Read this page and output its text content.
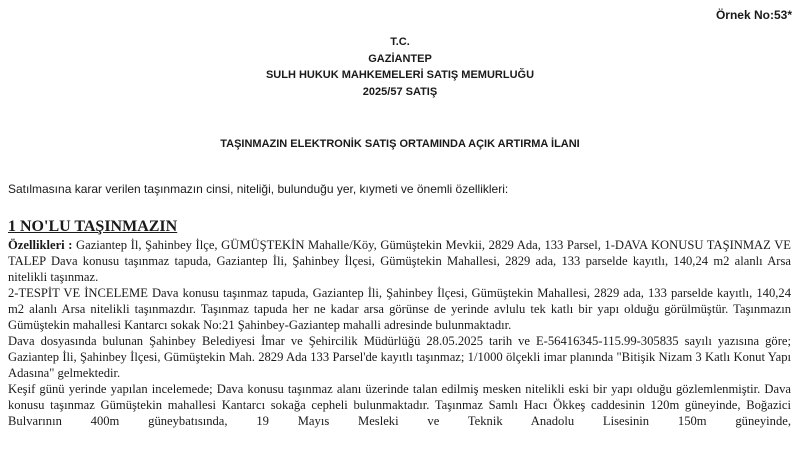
Örnek No:53*
T.C.
GAZİANTEP
SULH HUKUK MAHKEMELERİ SATIŞ MEMURLUĞU
2025/57 SATIŞ
TAŞINMAZIN ELEKTRONİK SATIŞ ORTAMINDA AÇIK ARTIRMA İLANI
Satılmasına karar verilen taşınmazın cinsi, niteliği, bulunduğu yer, kıymeti ve önemli özellikleri:
1 NO'LU TAŞINMAZIN

Özellikleri : Gaziantep İl, Şahinbey İlçe, GÜMÜŞTEKİN Mahalle/Köy, Gümüştekin Mevkii, 2829 Ada, 133 Parsel, 1-DAVA KONUSU TAŞINMAZ VE TALEP Dava konusu taşınmaz tapuda, Gaziantep İli, Şahinbey İlçesi, Gümüştekin Mahallesi, 2829 ada, 133 parselde kayıtlı, 140,24 m2 alanlı Arsa nitelikli taşınmaz.

2-TESPİT VE İNCELEME Dava konusu taşınmaz tapuda, Gaziantep İli, Şahinbey İlçesi, Gümüştekin Mahallesi, 2829 ada, 133 parselde kayıtlı, 140,24 m2 alanlı Arsa nitelikli taşınmazdır. Taşınmaz tapuda her ne kadar arsa görünse de yerinde avlulu tek katlı bir yapı olduğu görülmüştür. Taşınmazın Gümüştekin mahallesi Kantarcı sokak No:21 Şahinbey-Gaziantep mahalli adresinde bulunmaktadır.

Dava dosyasında bulunan Şahinbey Belediyesi İmar ve Şehircilik Müdürlüğü 28.05.2025 tarih ve E-56416345-115.99-305835 sayılı yazısına göre; Gaziantep İli, Şahinbey İlçesi, Gümüştekin Mah. 2829 Ada 133 Parsel'de kayıtlı taşınmaz; 1/1000 ölçekli imar planında "Bitişik Nizam 3 Katlı Konut Yapı Adasına" gelmektedir.

Keşif günü yerinde yapılan incelemede; Dava konusu taşınmaz alanı üzerinde talan edilmiş mesken nitelikli eski bir yapı olduğu gözlemlenmiştir. Dava konusu taşınmaz Gümüştekin mahallesi Kantarcı sokağa cepheli bulunmaktadır. Taşınmaz Samlı Hacı Ökkeş caddesinin 120m güneyinde, Boğazici Bulvarının 400m güneybatısında, 19 Mayıs Mesleki ve Teknik Anadolu Lisesinin 150m güneyinde,
